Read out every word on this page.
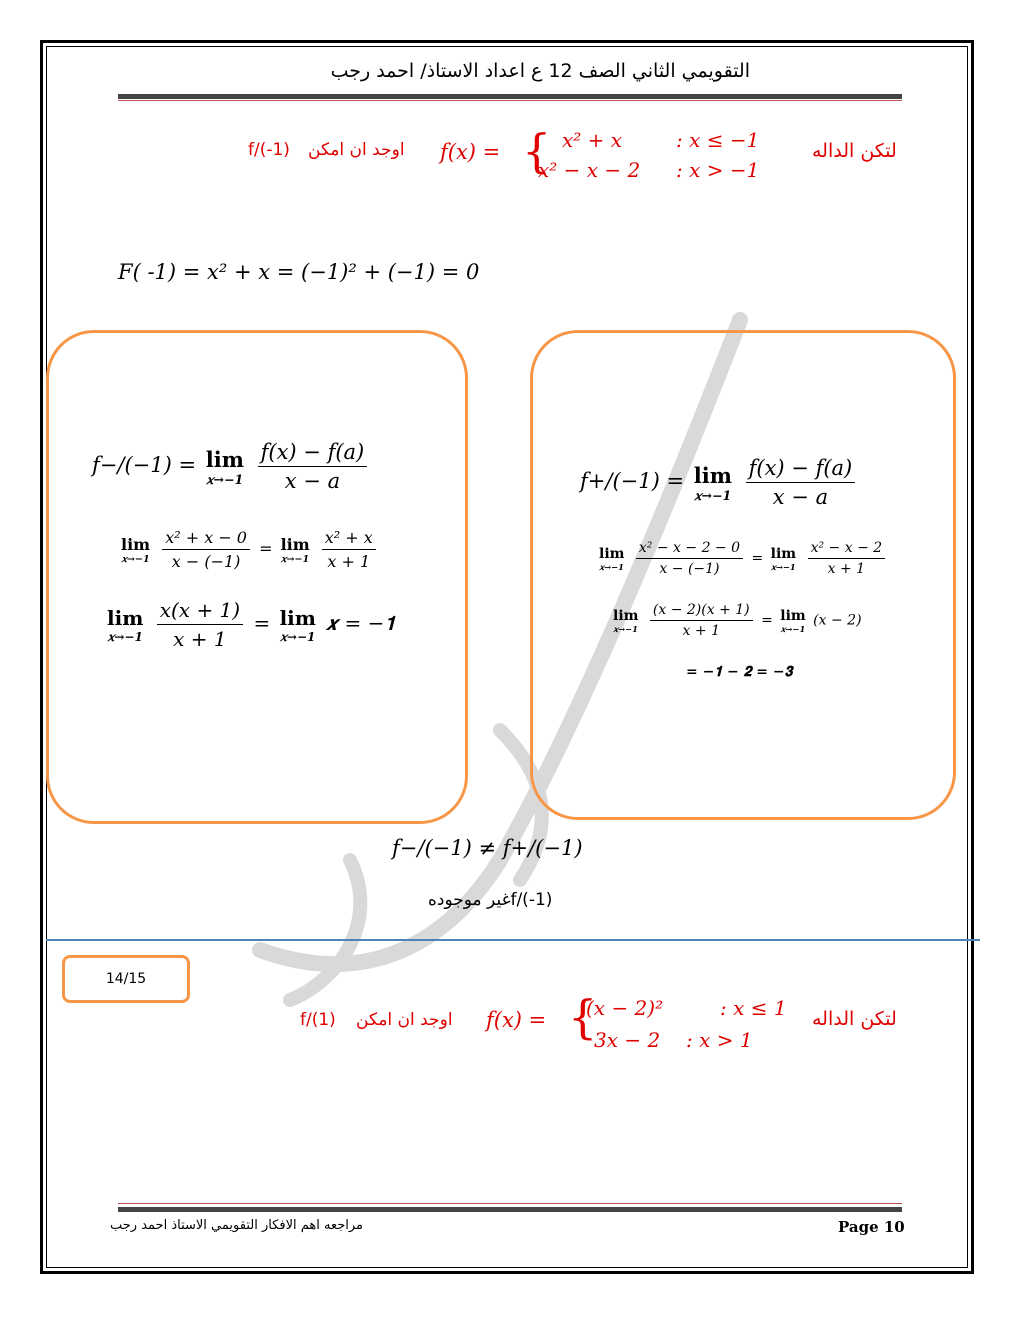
التقويمي الثاني الصف 12 ع اعداد الاستاذ/ احمد رجب
لتكن الداله
𝑓(𝑥) = { 𝑥² + 𝑥	: 𝑥 ≤ −1
𝑥² − 𝑥 − 2 : 𝑥 > −1
اوجد ان امكن
f/(-1)
F( -1) = 𝑥² + 𝑥 = (−1)² + (−1) = 0
𝑓−/(−1) = lim
𝑥→−1
$\frac{\text{𝑓(𝑥) − 𝑓(𝑎)}}{\text{𝑥 − 𝑎}}$
lim
𝑥→−1
$\frac{\text{𝑥² + 𝑥 − 0}}{\text{𝑥 − (−1)}} = \lim$
𝑥→−1
$\frac{\text{𝑥² + 𝑥}}{\text{𝑥 + 1}}$
lim
𝑥→−1
$\frac{\text{𝑥(𝑥 + 1)}}{\text{𝑥 + 1}} = \lim$
𝑥→−1
𝒙 = −𝟏
𝑓+/(−1) = lim
𝑥→−1
$\frac{\text{𝑓(𝑥) − 𝑓(𝑎)}}{\text{𝑥 − 𝑎}}$
lim
𝑥→−1
$\frac{\text{𝑥² − 𝑥 − 2 − 0}}{\text{𝑥 − (−1)}} = \lim$
𝑥→−1
$\frac{\text{𝑥² − 𝑥 − 2}}{\text{𝑥 + 1}}$
lim
𝑥→−1
$\frac{\text{(𝑥 − 2)(𝑥 + 1)}}{\text{𝑥 + 1}} = \lim$
𝑥→−1 (𝑥 − 2)
= −𝟏 − 𝟐 = −𝟑
𝑓−/(−1) ≠ 𝑓+/(−1)
f/(-1)غير موجوده
14/15
لتكن الداله
𝑓(𝑥) = {
(𝑥 − 2)²	: 𝑥 ≤ 1
3𝑥 − 2 : 𝑥 > 1
اوجد ان امكن
f/(1)
مراجعه اهم الافكار التقويمي الاستاذ احمد رجب	Page 10
